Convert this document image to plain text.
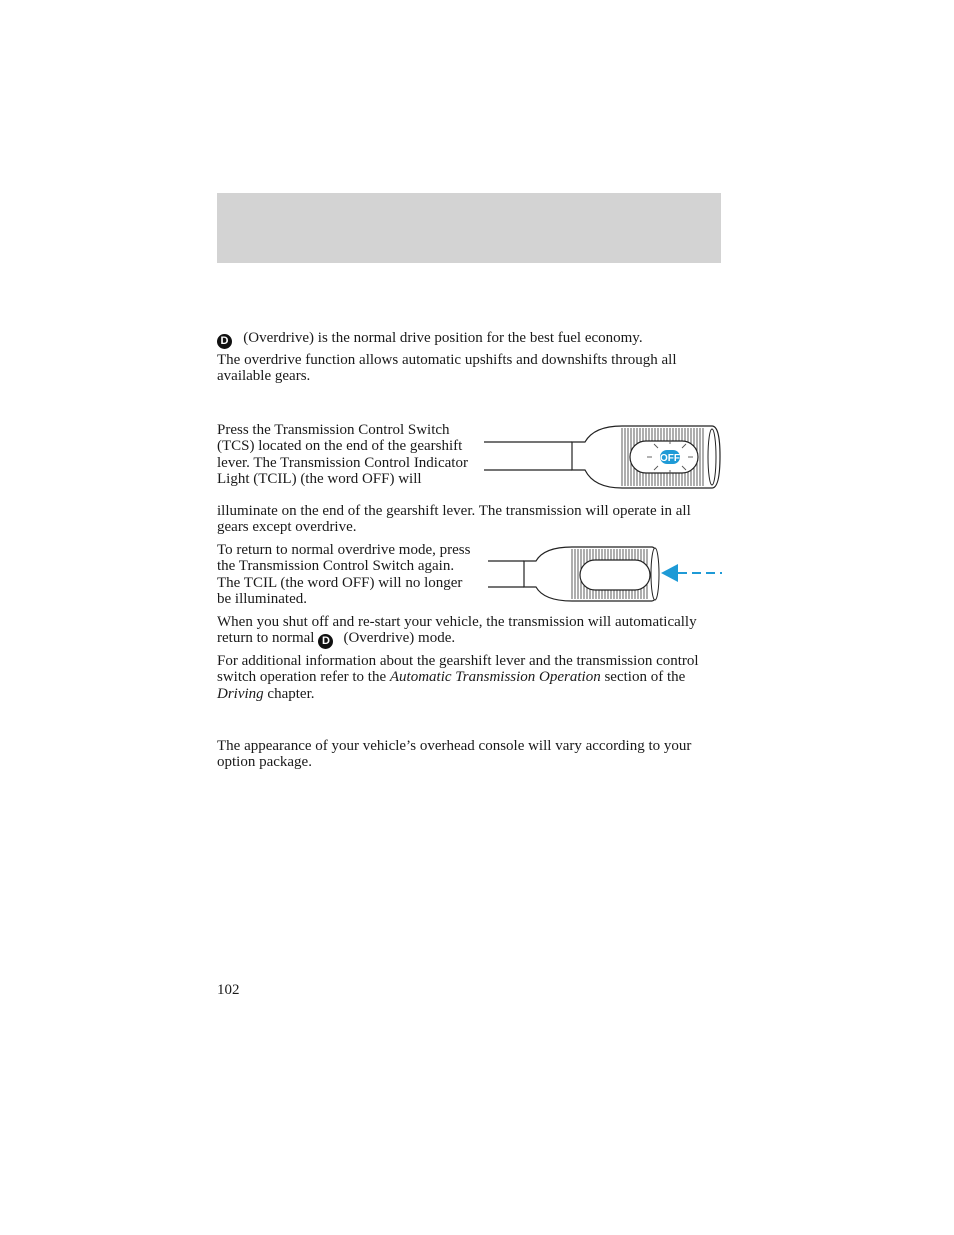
D (Overdrive) is the normal drive position for the best fuel economy.

The overdrive function allows automatic upshifts and downshifts through all available gears.

Press the Transmission Control Switch (TCS) located on the end of the gearshift lever. The Transmission Control Indicator Light (TCIL) (the word OFF) will

illuminate on the end of the gearshift lever. The transmission will operate in all gears except overdrive.

OFF

To return to normal overdrive mode, press the Transmission Control Switch again. The TCIL (the word OFF) will no longer be illuminated.

When you shut off and re-start your vehicle, the transmission will automatically return to normal D (Overdrive) mode.

For additional information about the gearshift lever and the transmission control switch operation refer to the Automatic Transmission Operation section of the Driving chapter.

The appearance of your vehicle’s overhead console will vary according to your option package.

102
